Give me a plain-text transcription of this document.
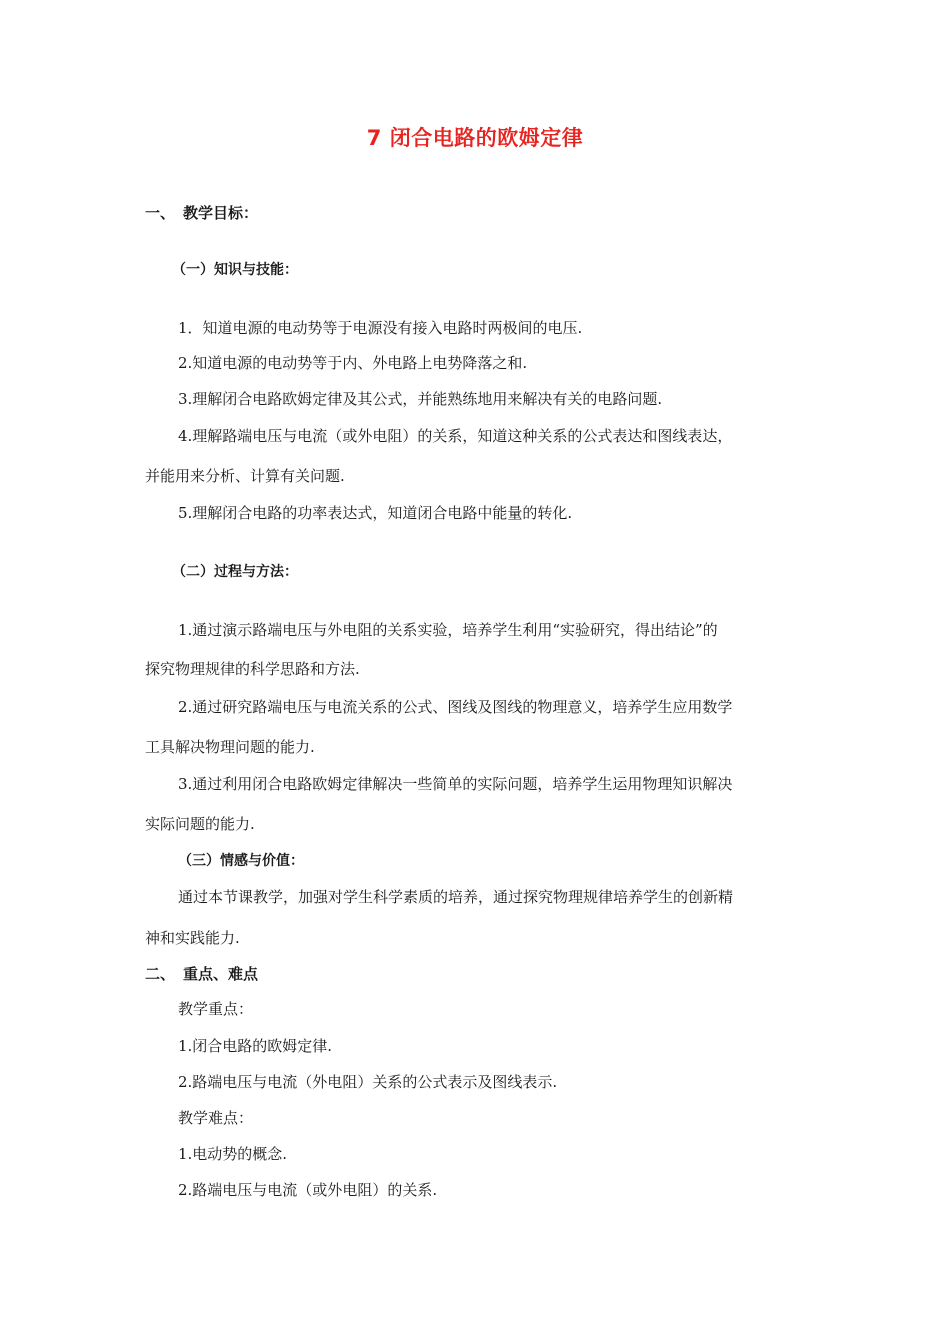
7 闭合电路的欧姆定律
一、 教学目标：
（一）知识与技能：
1．知道电源的电动势等于电源没有接入电路时两极间的电压.
2.知道电源的电动势等于内、外电路上电势降落之和.
3.理解闭合电路欧姆定律及其公式，并能熟练地用来解决有关的电路问题.
4.理解路端电压与电流（或外电阻）的关系，知道这种关系的公式表达和图线表达，
并能用来分析、计算有关问题.
5.理解闭合电路的功率表达式，知道闭合电路中能量的转化.
（二）过程与方法：
1.通过演示路端电压与外电阻的关系实验，培养学生利用“实验研究，得出结论”的
探究物理规律的科学思路和方法.
2.通过研究路端电压与电流关系的公式、图线及图线的物理意义，培养学生应用数学
工具解决物理问题的能力.
3.通过利用闭合电路欧姆定律解决一些简单的实际问题，培养学生运用物理知识解决
实际问题的能力.
（三）情感与价值：
通过本节课教学，加强对学生科学素质的培养，通过探究物理规律培养学生的创新精
神和实践能力.
二、 重点、难点
教学重点：
1.闭合电路的欧姆定律.
2.路端电压与电流（外电阻）关系的公式表示及图线表示.
教学难点：
1.电动势的概念.
2.路端电压与电流（或外电阻）的关系.
